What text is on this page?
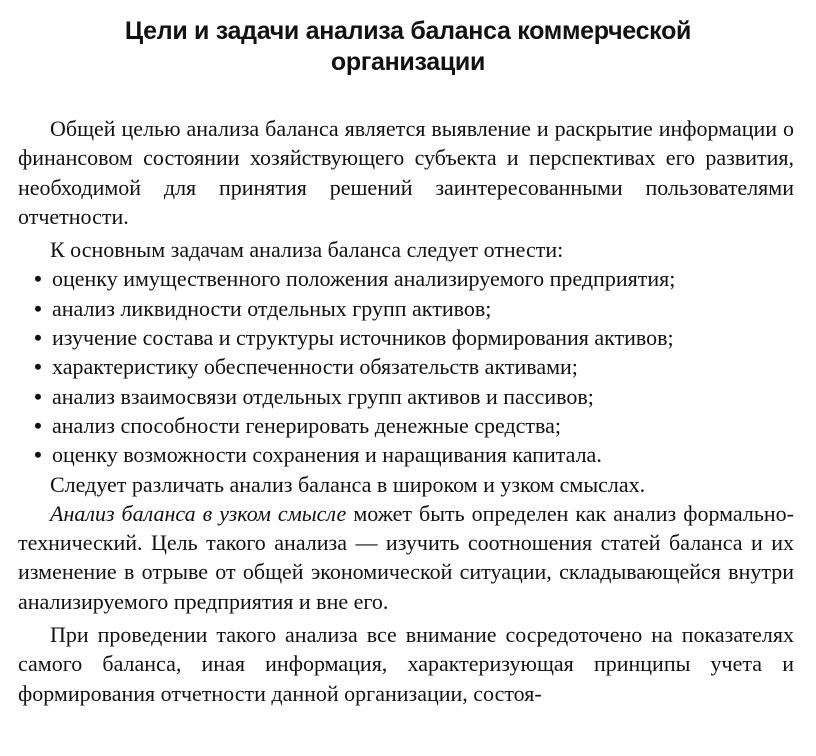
Цели и задачи анализа баланса коммерческой
организации

Общей целью анализа баланса является выявление и раскрытие информации о финансовом состоянии хозяйствующего субъекта и перспективах его развития, необходимой для принятия решений заинтересованными пользователями отчетности.

К основным задачам анализа баланса следует отнести:

• оценку имущественного положения анализируемого предприятия;
• анализ ликвидности отдельных групп активов;
• изучение состава и структуры источников формирования активов;
• характеристику обеспеченности обязательств активами;
• анализ взаимосвязи отдельных групп активов и пассивов;
• анализ способности генерировать денежные средства;
• оценку возможности сохранения и наращивания капитала.

Следует различать анализ баланса в широком и узком смыслах.

Анализ баланса в узком смысле может быть определен как анализ формально-технический. Цель такого анализа — изучить соотношения статей баланса и их изменение в отрыве от общей экономической ситуации, складывающейся внутри анализируемого предприятия и вне его.

При проведении такого анализа все внимание сосредоточено на показателях самого баланса, иная информация, характеризующая принципы учета и формирования отчетности данной организации, состоя-
